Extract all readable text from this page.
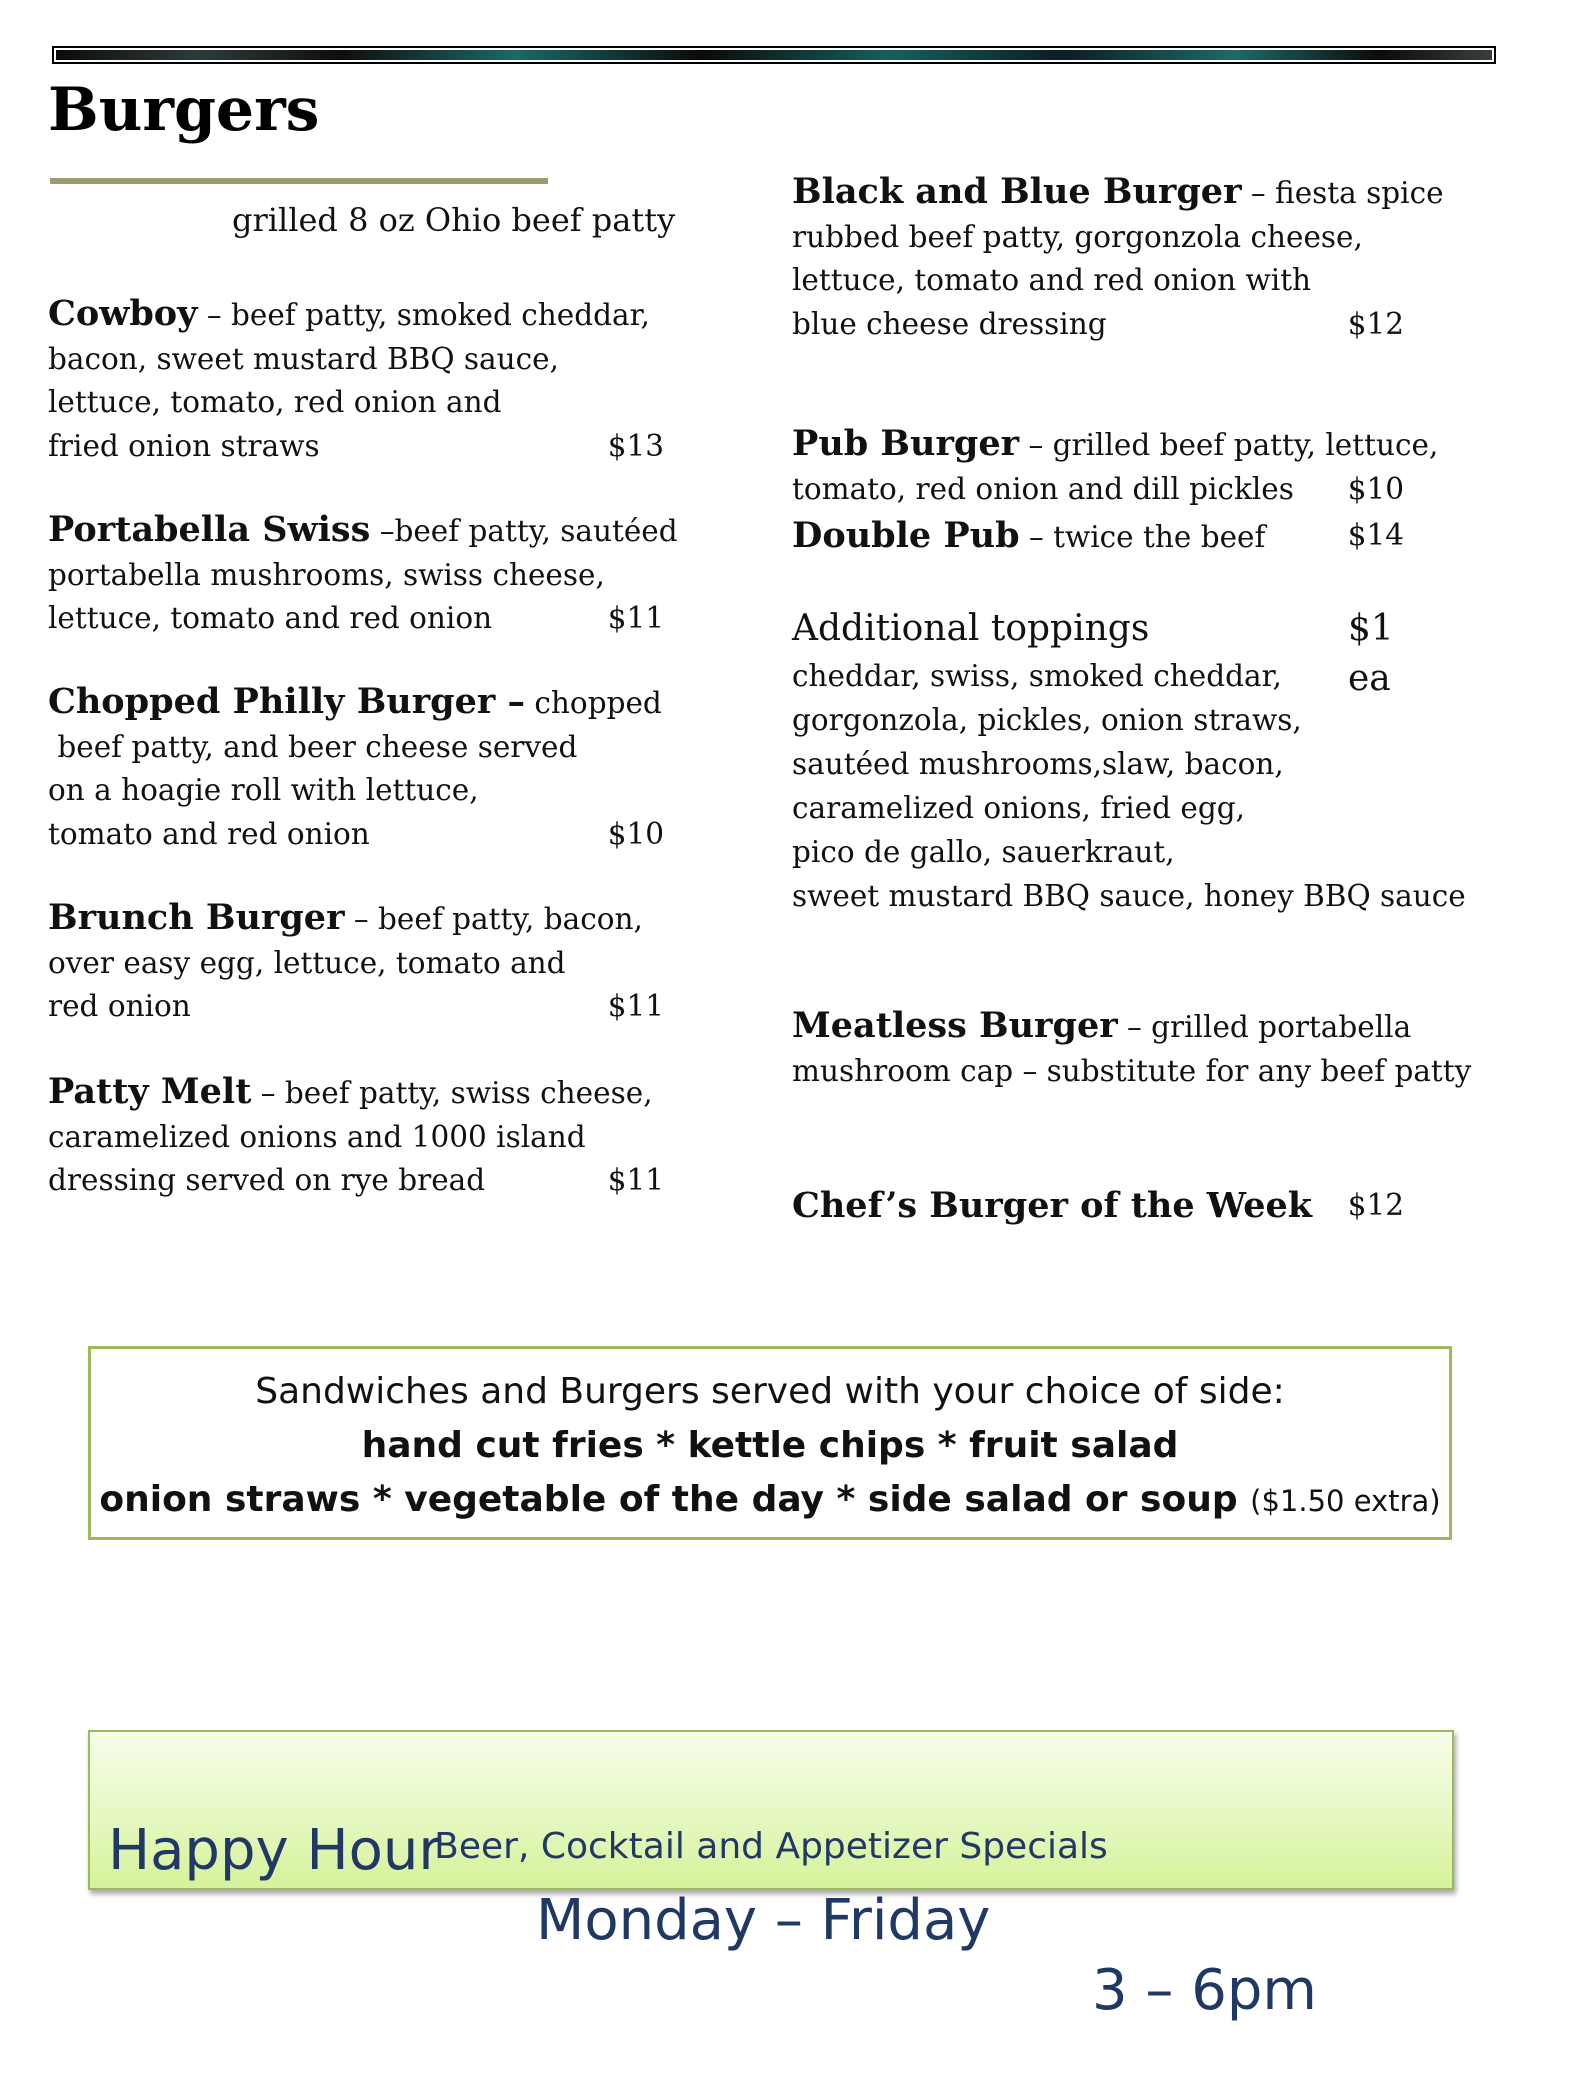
Burgers
grilled 8 oz Ohio beef patty
Cowboy – beef patty, smoked cheddar,
bacon, sweet mustard BBQ sauce,
lettuce, tomato, red onion and
fried onion straws	$13
Portabella Swiss –beef patty, sautéed
portabella mushrooms, swiss cheese,
lettuce, tomato and red onion	$11
Chopped Philly Burger – chopped
beef patty, and beer cheese served
on a hoagie roll with lettuce,
tomato and red onion	$10
Brunch Burger – beef patty, bacon,
over easy egg, lettuce, tomato and
red onion	$11
Patty Melt – beef patty, swiss cheese,
caramelized onions and 1000 island
dressing served on rye bread	$11
Black and Blue Burger – fiesta spice
rubbed beef patty, gorgonzola cheese,
lettuce, tomato and red onion with
blue cheese dressing	$12
Pub Burger – grilled beef patty, lettuce,
tomato, red onion and dill pickles $10
Double Pub – twice the beef	$14
Additional toppings	$1 ea
cheddar, swiss, smoked cheddar,
gorgonzola, pickles, onion straws,
sautéed mushrooms,slaw, bacon,
caramelized onions, fried egg,
pico de gallo, sauerkraut,
sweet mustard BBQ sauce, honey BBQ sauce
Meatless Burger – grilled portabella
mushroom cap – substitute for any beef patty
Chef’s Burger of the Week $12
Sandwiches and Burgers served with your choice of side:
hand cut fries * kettle chips * fruit salad
onion straws * vegetable of the day * side salad or soup ($1.50 extra)

Happy Hour

Monday – Friday

3 – 6pm

Beer, Cocktail and Appetizer Specials
